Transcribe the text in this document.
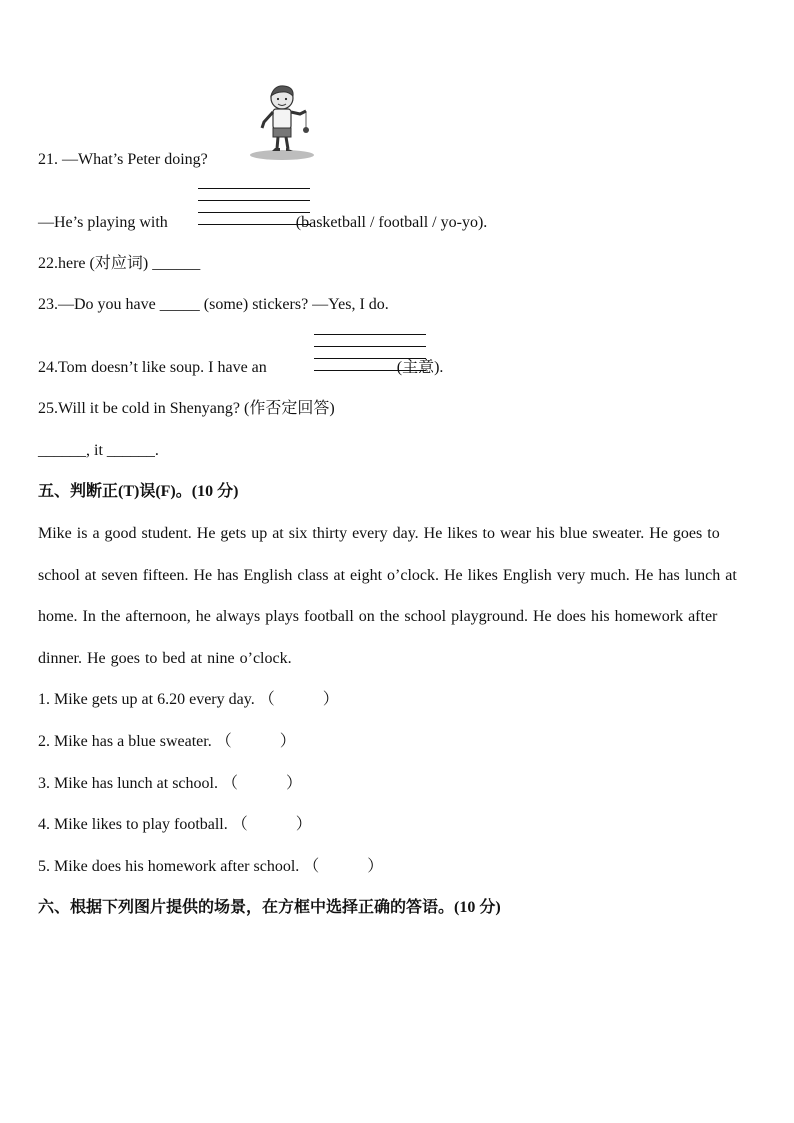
21. —What’s Peter doing?
—He’s playing with	(basketball / football / yo-yo).
22.here (对应词) ______
23.—Do you have _____ (some) stickers? —Yes, I do.
24.Tom doesn’t like soup. I have an	(主意).
25.Will it be cold in Shenyang? (作否定回答)
______, it ______.
五、判断正(T)误(F)。(10 分)
Mike is a good student. He gets up at six thirty every day. He likes to wear his blue sweater. He goes to school at seven fifteen. He has English class at eight o’clock. He likes English very much. He has lunch at home. In the afternoon, he always plays football on the school playground. He does his homework after dinner. He goes to bed at nine o’clock.
1. Mike gets up at 6.20 every day. （　　　）
2. Mike has a blue sweater. （　　　）
3. Mike has lunch at school. （　　　）
4. Mike likes to play football. （　　　）
5. Mike does his homework after school. （　　　）
六、根据下列图片提供的场景，在方框中选择正确的答语。(10 分)
